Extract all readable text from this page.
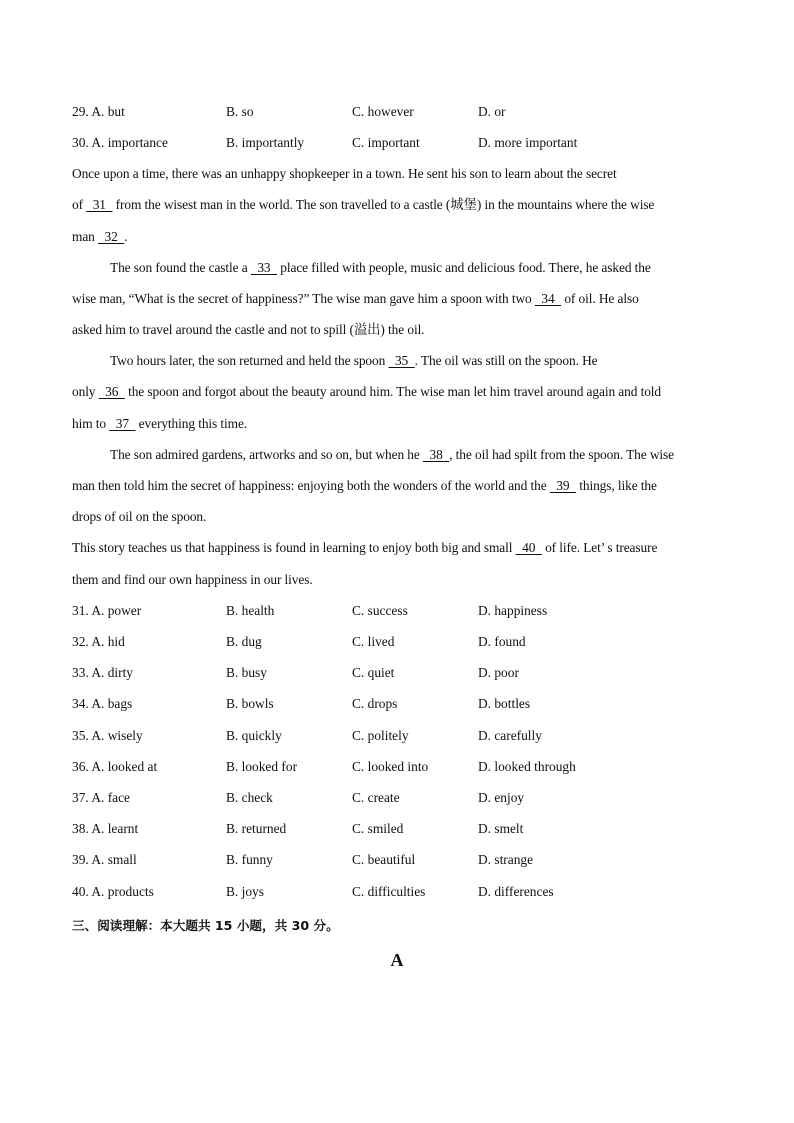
29. A. but	B. so	C. however	D. or
30. A. importance	B. importantly	C. important	D. more important
Once upon a time, there was an unhappy shopkeeper in a town. He sent his son to learn about the secret
of   31   from the wisest man in the world. The son travelled to a castle (城堡) in the mountains where the wise
man   32  .
The son found the castle a   33   place filled with people, music and delicious food. There, he asked the
wise man, “What is the secret of happiness?” The wise man gave him a spoon with two   34   of oil. He also
asked him to travel around the castle and not to spill (溢出) the oil.
Two hours later, the son returned and held the spoon   35  . The oil was still on the spoon. He
only   36   the spoon and forgot about the beauty around him. The wise man let him travel around again and told
him to   37   everything this time.
The son admired gardens, artworks and so on, but when he   38  , the oil had spilt from the spoon. The wise
man then told him the secret of happiness: enjoying both the wonders of the world and the   39   things, like the
drops of oil on the spoon.
This story teaches us that happiness is found in learning to enjoy both big and small   40   of life. Let’ s treasure
them and find our own happiness in our lives.
31. A. power	B. health	C. success	D. happiness
32. A. hid	B. dug	C. lived	D. found
33. A. dirty	B. busy	C. quiet	D. poor
34. A. bags	B. bowls	C. drops	D. bottles
35. A. wisely	B. quickly	C. politely	D. carefully
36. A. looked at	B. looked for	C. looked into	D. looked through
37. A. face	B. check	C. create	D. enjoy
38. A. learnt	B. returned	C. smiled	D. smelt
39. A. small	B. funny	C. beautiful	D. strange
40. A. products	B. joys	C. difficulties	D. differences
三、阅读理解：本大题共 15 小题，共 30 分。
A
